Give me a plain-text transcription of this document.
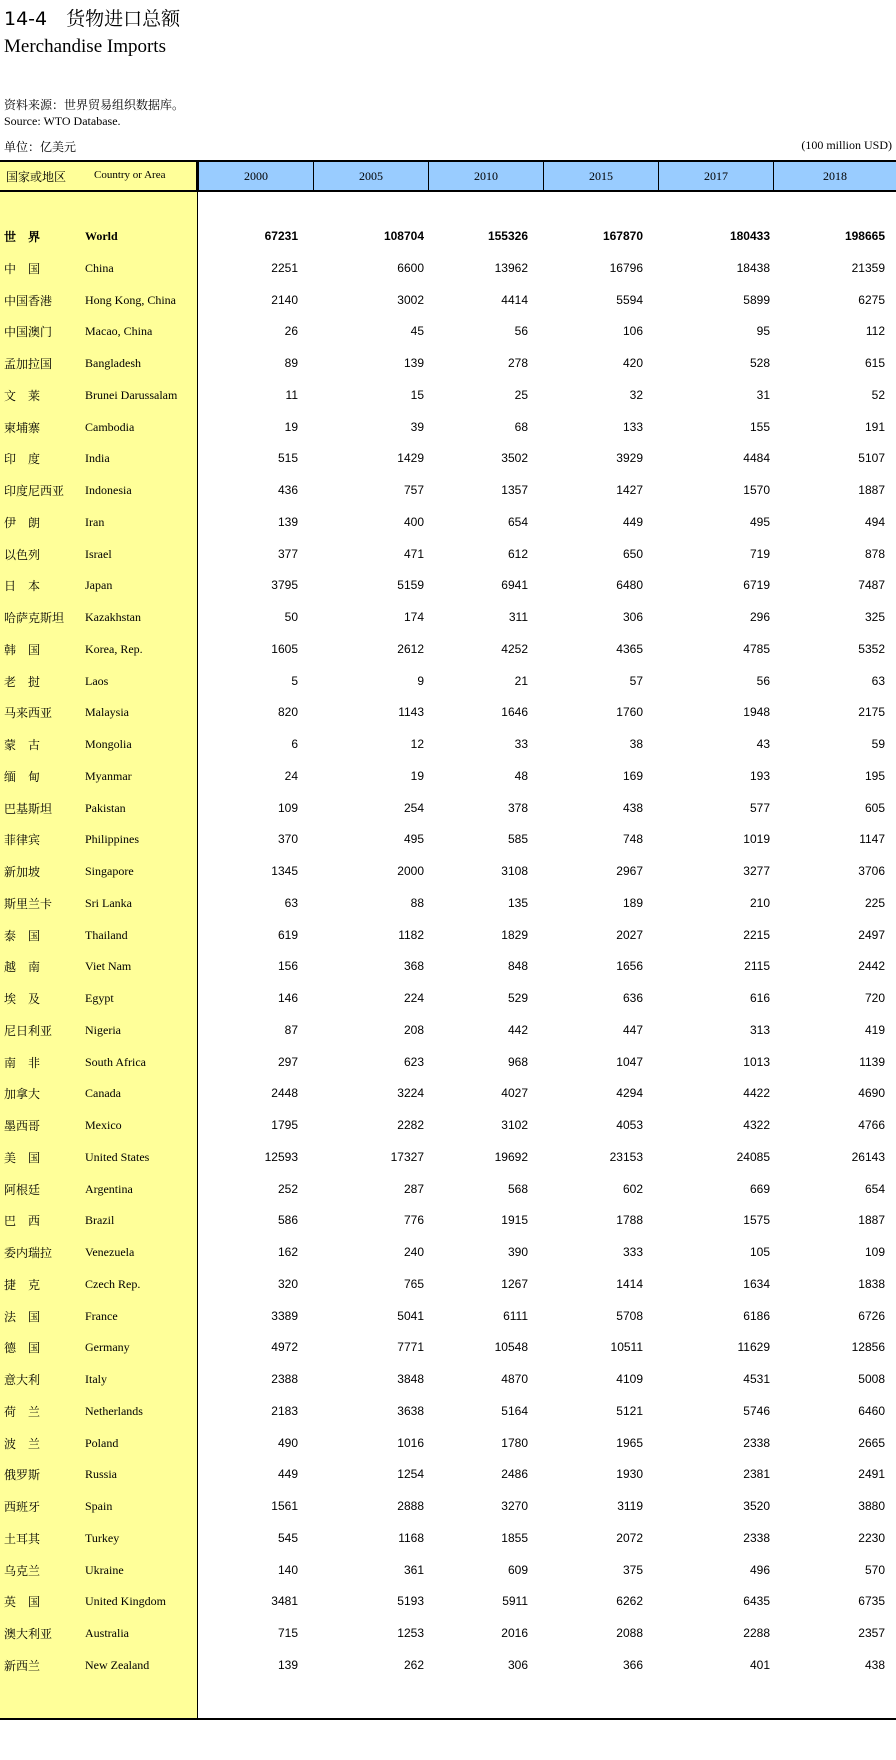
14-4　货物进口总额
Merchandise Imports
资料来源：世界贸易组织数据库。
Source: WTO Database.
单位：亿美元	(100 million USD)
国家或地区	Country or Area	2000	2005	2010	2015	2017	2018
世　界	World	67231	108704	155326	167870	180433	198665
中　国	China	2251	6600	13962	16796	18438	21359
中国香港	Hong Kong, China	2140	3002	4414	5594	5899	6275
中国澳门	Macao, China	26	45	56	106	95	112
孟加拉国	Bangladesh	89	139	278	420	528	615
文　莱	Brunei Darussalam	11	15	25	32	31	52
柬埔寨	Cambodia	19	39	68	133	155	191
印　度	India	515	1429	3502	3929	4484	5107
印度尼西亚 Indonesia	436	757	1357	1427	1570	1887
伊　朗	Iran	139	400	654	449	495	494
以色列	Israel	377	471	612	650	719	878
日　本	Japan	3795	5159	6941	6480	6719	7487
哈萨克斯坦 Kazakhstan	50	174	311	306	296	325
韩　国	Korea, Rep.	1605	2612	4252	4365	4785	5352
老　挝	Laos	5	9	21	57	56	63
马来西亚	Malaysia	820	1143	1646	1760	1948	2175
蒙　古	Mongolia	6	12	33	38	43	59
缅　甸	Myanmar	24	19	48	169	193	195
巴基斯坦	Pakistan	109	254	378	438	577	605
菲律宾	Philippines	370	495	585	748	1019	1147
新加坡	Singapore	1345	2000	3108	2967	3277	3706
斯里兰卡	Sri Lanka	63	88	135	189	210	225
泰　国	Thailand	619	1182	1829	2027	2215	2497
越　南	Viet Nam	156	368	848	1656	2115	2442
埃　及	Egypt	146	224	529	636	616	720
尼日利亚	Nigeria	87	208	442	447	313	419
南　非	South Africa	297	623	968	1047	1013	1139
加拿大	Canada	2448	3224	4027	4294	4422	4690
墨西哥	Mexico	1795	2282	3102	4053	4322	4766
美　国	United States	12593	17327	19692	23153	24085	26143
阿根廷	Argentina	252	287	568	602	669	654
巴　西	Brazil	586	776	1915	1788	1575	1887
委内瑞拉	Venezuela	162	240	390	333	105	109
捷　克	Czech Rep.	320	765	1267	1414	1634	1838
法　国	France	3389	5041	6111	5708	6186	6726
德　国	Germany	4972	7771	10548	10511	11629	12856
意大利	Italy	2388	3848	4870	4109	4531	5008
荷　兰	Netherlands	2183	3638	5164	5121	5746	6460
波　兰	Poland	490	1016	1780	1965	2338	2665
俄罗斯	Russia	449	1254	2486	1930	2381	2491
西班牙	Spain	1561	2888	3270	3119	3520	3880
土耳其	Turkey	545	1168	1855	2072	2338	2230
乌克兰	Ukraine	140	361	609	375	496	570
英　国	United Kingdom	3481	5193	5911	6262	6435	6735
澳大利亚	Australia	715	1253	2016	2088	2288	2357
新西兰	New Zealand	139	262	306	366	401	438
